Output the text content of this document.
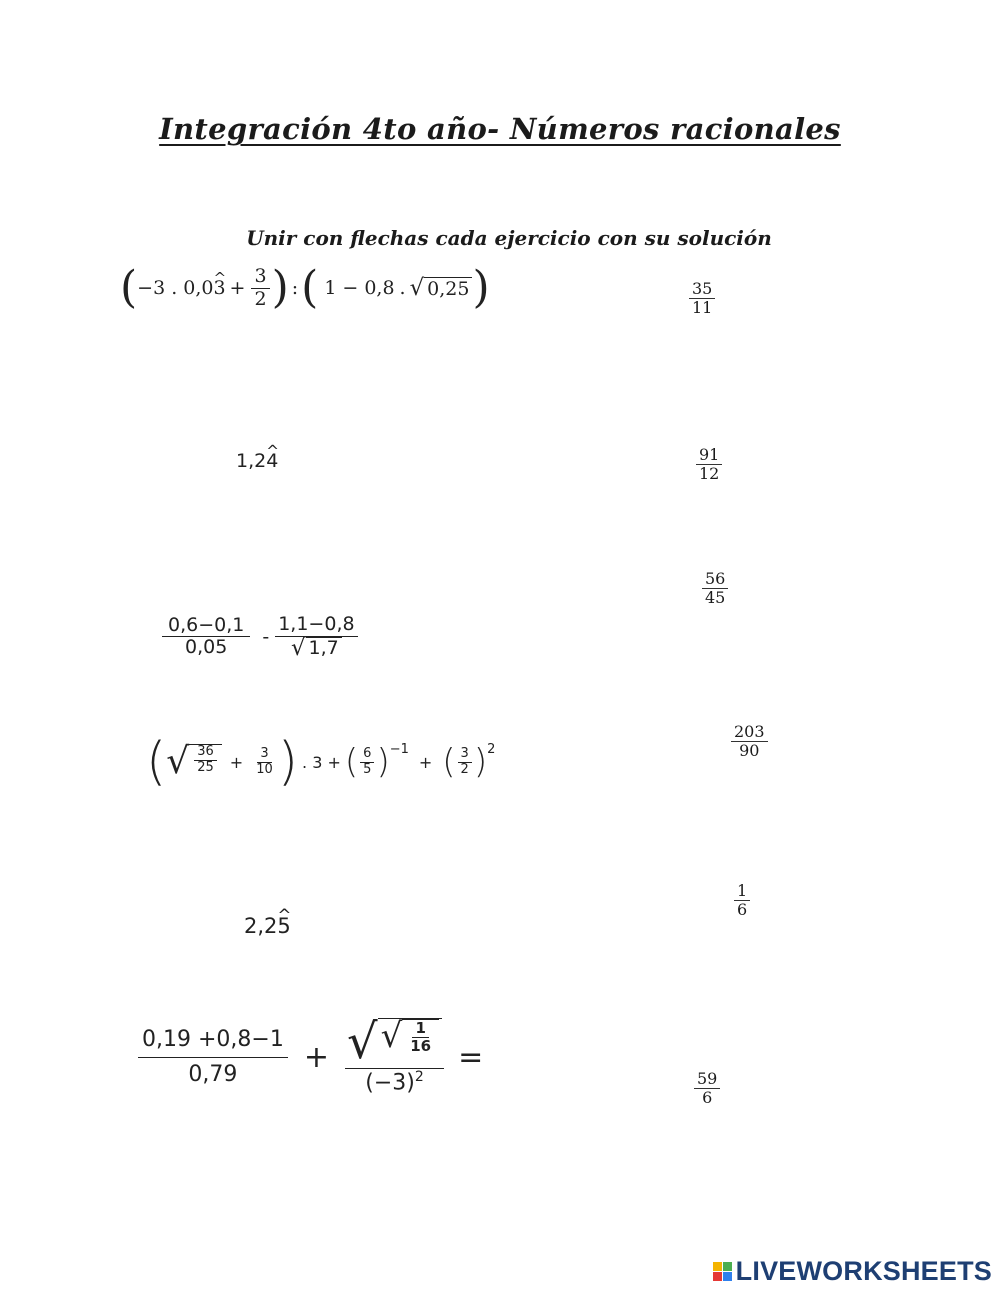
Integración 4to año- Números racionales
Unir con flechas cada ejercicio con su solución
( −3 . 0,0^ $3 + \frac{3}{2}$ ) : ( 1 − 0,8 . √ 0,25 )
1,2^ 4
$\frac{0,6-0,1}{0,05} - \frac{1,1-0,8}{√ 1,7}$
( √ $\frac{36}{25} + \frac{3}{10}$ ) . 3 + ( $\frac{6}{5} )^{-1}$
+ ( $\frac{3}{2} )^2$
2,2^ 5
$\frac{0,19 +0,8-1}{0,79} + \frac{√ √ \frac{1}{16}}{(-3)^2}$ =
$\frac{35}{11}$
$\frac{91}{12}$
$\frac{56}{45}$
$\frac{203}{90}$
$\frac{1}{6}$
$\frac{59}{6}$
LIVEWORKSHEETS
